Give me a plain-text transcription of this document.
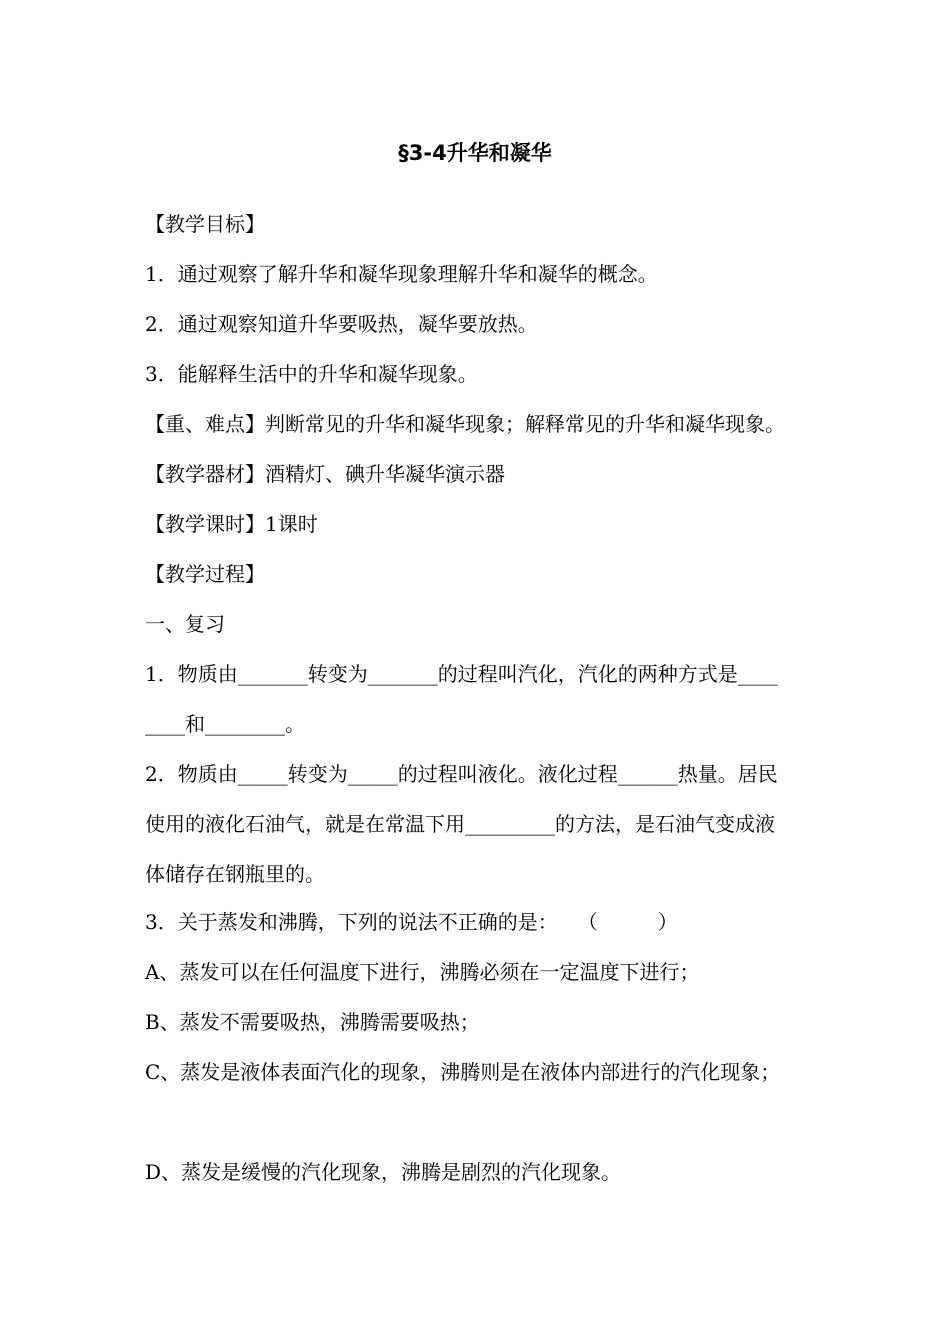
§3-4升华和凝华
【教学目标】
1．通过观察了解升华和凝华现象理解升华和凝华的概念。
2．通过观察知道升华要吸热，凝华要放热。
3．能解释生活中的升华和凝华现象。
【重、难点】判断常见的升华和凝华现象；解释常见的升华和凝华现象。
【教学器材】酒精灯、碘升华凝华演示器
【教学课时】1课时
【教学过程】
一、复习
1．物质由_______转变为_______的过程叫汽化，汽化的两种方式是____
____和________。
2．物质由_____转变为_____的过程叫液化。液化过程______热量。居民
使用的液化石油气，就是在常温下用_________的方法，是石油气变成液
体储存在钢瓶里的。
3．关于蒸发和沸腾，下列的说法不正确的是：　　（　　　）
A、蒸发可以在任何温度下进行，沸腾必须在一定温度下进行；
B、蒸发不需要吸热，沸腾需要吸热；
C、蒸发是液体表面汽化的现象，沸腾则是在液体内部进行的汽化现象；
D、蒸发是缓慢的汽化现象，沸腾是剧烈的汽化现象。
